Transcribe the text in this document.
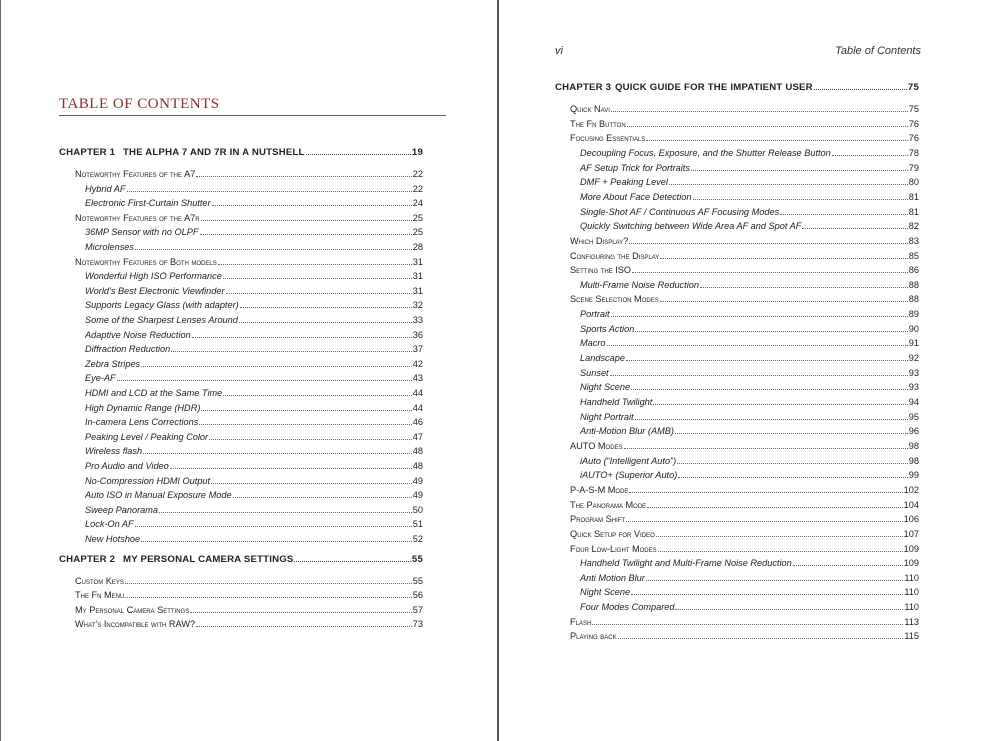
TABLE OF CONTENTS
CHAPTER 1 THE ALPHA 7 AND 7R IN A NUTSHELL	19
Noteworthy Features of the A7	22
Hybrid AF	22
Electronic First-Curtain Shutter	24
Noteworthy Features of the A7r	25
36MP Sensor with no OLPF	25
Microlenses	28
Noteworthy Features of Both models	31
Wonderful High ISO Performance	31
World’s Best Electronic Viewfinder	31
Supports Legacy Glass (with adapter)	32
Some of the Sharpest Lenses Around	33
Adaptive Noise Reduction	36
Diffraction Reduction	37
Zebra Stripes	42
Eye-AF	43
HDMI and LCD at the Same Time	44
High Dynamic Range (HDR)	44
In-camera Lens Corrections	46
Peaking Level / Peaking Color	47
Wireless flash	48
Pro Audio and Video	48
No-Compression HDMI Output	49
Auto ISO in Manual Exposure Mode	49
Sweep Panorama	50
Lock-On AF	51
New Hotshoe	52
CHAPTER 2 MY PERSONAL CAMERA SETTINGS	55
Custom Keys	55
The Fn Menu	56
My Personal Camera Settings	57
What’s Incompatible with RAW?	73
vi	Table of Contents
CHAPTER 3 QUICK GUIDE FOR THE IMPATIENT USER	75
Quick Navi	75
The Fn Button	76
Focusing Essentials	76
Decoupling Focus, Exposure, and the Shutter Release Button	78
AF Setup Trick for Portraits	79
DMF + Peaking Level	80
More About Face Detection	81
Single-Shot AF / Continuous AF Focusing Modes	81
Quickly Switching between Wide Area AF and Spot AF	82
Which Display?	83
Configuring the Display	85
Setting the ISO	86
Multi-Frame Noise Reduction	88
Scene Selection Modes	88
Portrait	89
Sports Action	90
Macro	91
Landscape	92
Sunset	93
Night Scene	93
Handheld Twilight	94
Night Portrait	95
Anti-Motion Blur (AMB)	96
AUTO Modes	98
iAuto (“Intelligent Auto”)	98
iAUTO+ (Superior Auto)	99
P-A-S-M Mode	102
The Panorama Mode	104
Program Shift	106
Quick Setup for Video	107
Four Low-Light Modes	109
Handheld Twilight and Multi-Frame Noise Reduction	109
Anti Motion Blur	110
Night Scene	110
Four Modes Compared	110
Flash	113
Playing back	115
